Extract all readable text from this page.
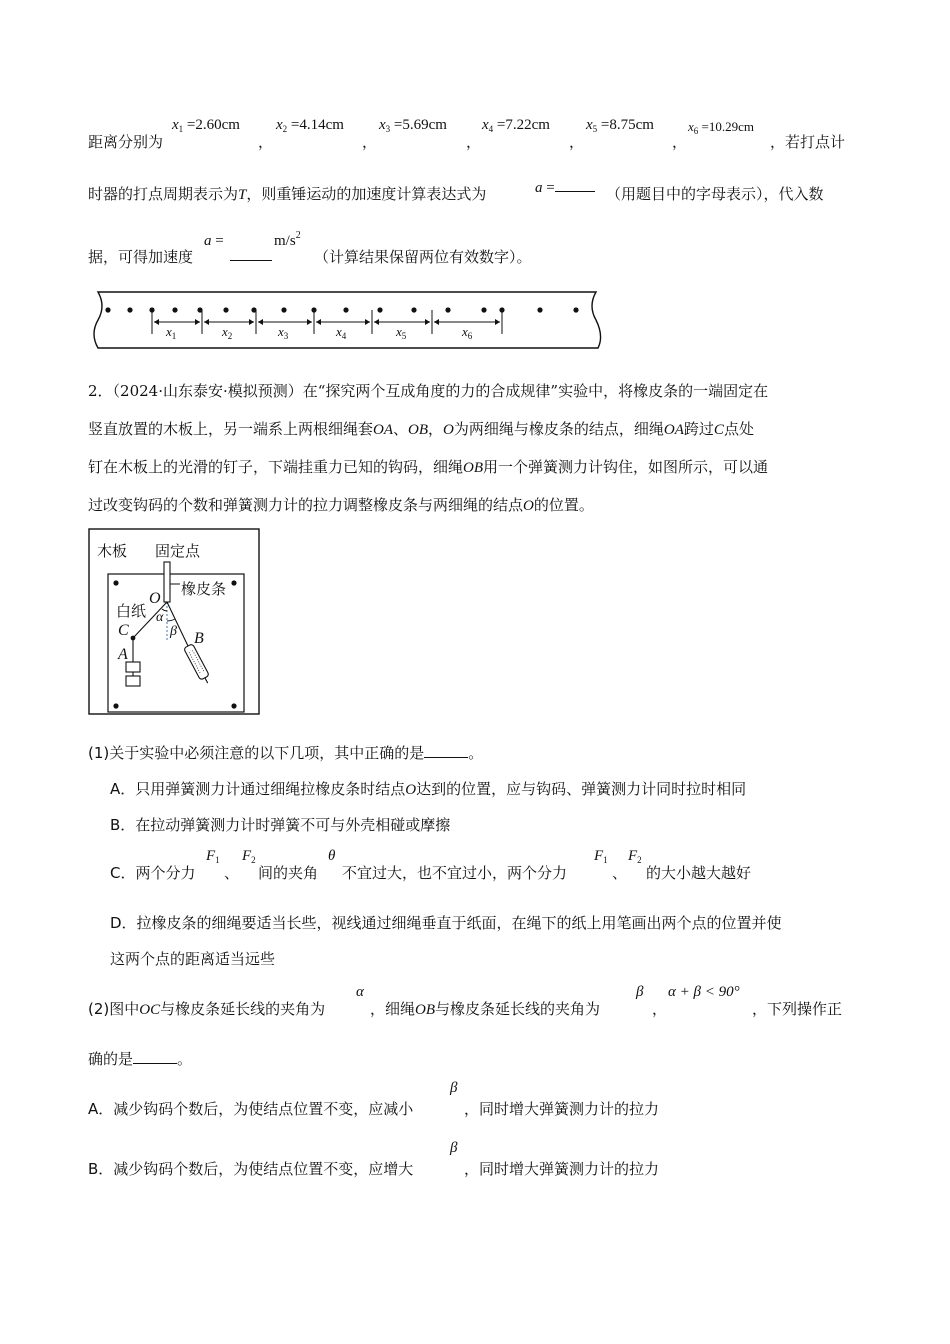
距离分别为
$x_1 =2.60cm$
，
$x_2 =4.14cm$
，
$x_3 =5.69cm$
，
$x_4 =7.22cm$
，
$x_5 =8.75cm$
，
$x_6 =10.29cm$
，若打点计
时器的打点周期表示为T，则重锤运动的加速度计算表达式为	a =	（用题目中的字母表示），代入数
据，可得加速度
a =	$m/s^2$
（计算结果保留两位有效数字）。
$x_1$	$x_2$	$x_3$	$x_4$	$x_5$	$x_6$
2．（2024·山东泰安·模拟预测）在“探究两个互成角度的力的合成规律”实验中，将橡皮条的一端固定在
竖直放置的木板上，另一端系上两根细绳套OA、OB，O为两细绳与橡皮条的结点，细绳OA跨过C点处
钉在木板上的光滑的钉子，下端挂重力已知的钩码，细绳OB用一个弹簧测力计钩住，如图所示，可以通
过改变钩码的个数和弹簧测力计的拉力调整橡皮条与两细绳的结点O的位置。
木板 固定点
橡皮条
白纸
O
C
A
B
α
β
(1)关于实验中必须注意的以下几项，其中正确的是	。
A．只用弹簧测力计通过细绳拉橡皮条时结点O达到的位置，应与钩码、弹簧测力计同时拉时相同
B．在拉动弹簧测力计时弹簧不可与外壳相碰或摩擦
C．两个分力
$F_1$
、
$F_2$
间的夹角
θ
不宜过大，也不宜过小，两个分力
$F_1$
、
$F_2$
的大小越大越好
D．拉橡皮条的细绳要适当长些，视线通过细绳垂直于纸面，在绳下的纸上用笔画出两个点的位置并使
这两个点的距离适当远些
(2)图中OC与橡皮条延长线的夹角为
α
，细绳OB与橡皮条延长线的夹角为
β
，
α + β < 90°
，下列操作正
确的是	。
A．减少钩码个数后，为使结点位置不变，应减小
β
，同时增大弹簧测力计的拉力
B．减少钩码个数后，为使结点位置不变，应增大
β
，同时增大弹簧测力计的拉力
